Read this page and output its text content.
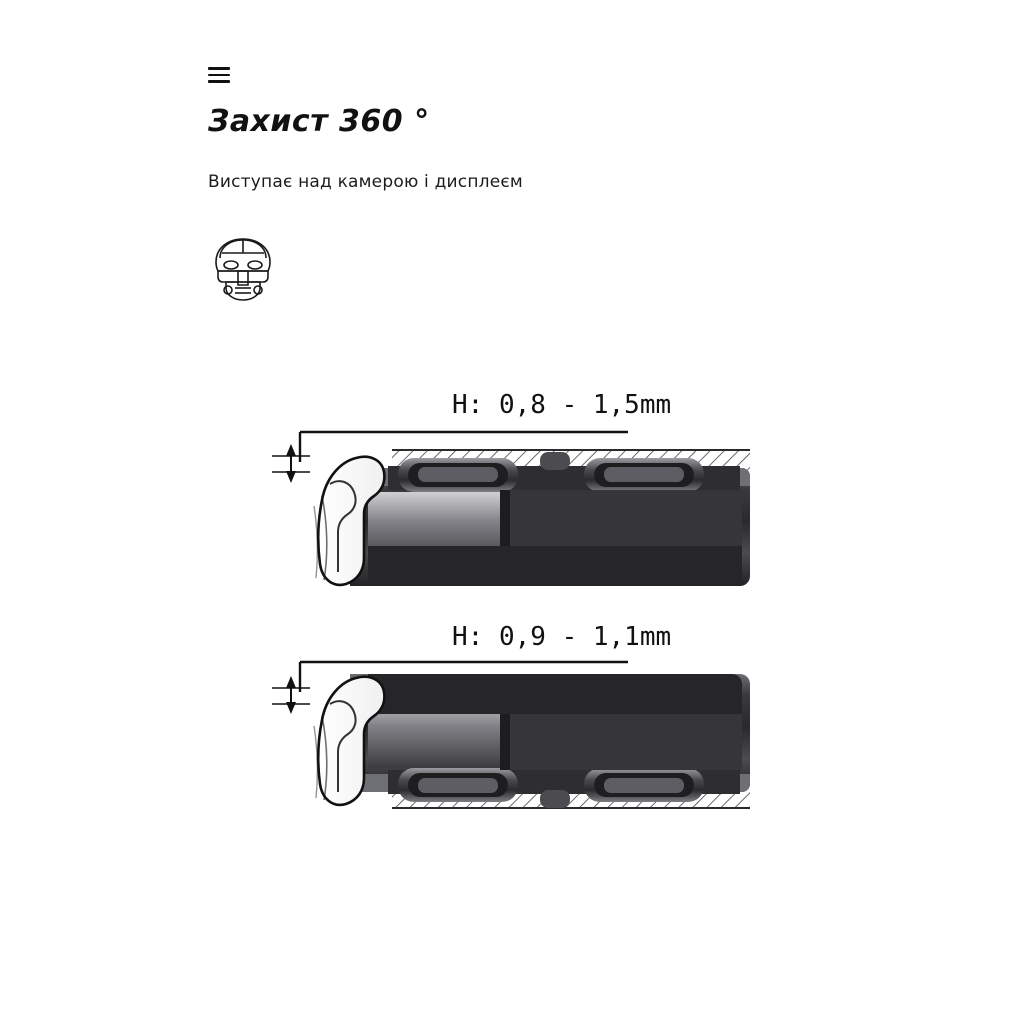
Захист 360 °
Виступає над камерою і дисплеєм
H: 0,8 - 1,5mm
H: 0,9 - 1,1mm
